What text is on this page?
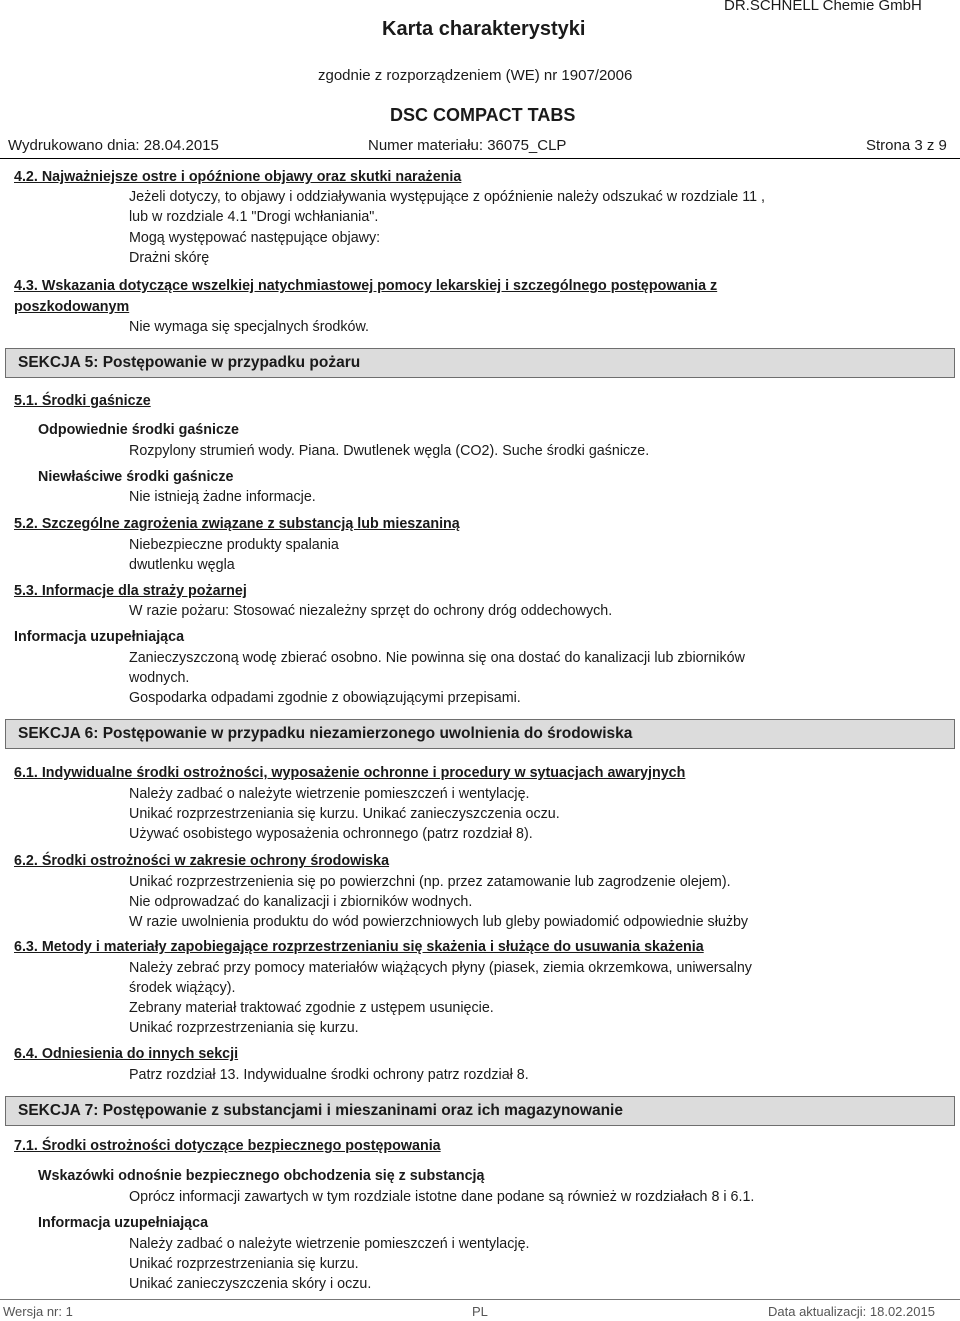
Karta charakterystyki
DR.SCHNELL Chemie GmbH
zgodnie z rozporządzeniem (WE) nr 1907/2006
DSC COMPACT TABS
Wydrukowano dnia: 28.04.2015	Numer materiału: 36075_CLP	Strona 3 z 9
4.2. Najważniejsze ostre i opóźnione objawy oraz skutki narażenia
Jeżeli dotyczy, to objawy i oddziaływania występujące z opóźnienie należy odszukać w rozdziale 11 ,
lub w rozdziale 4.1 "Drogi wchłaniania".
Mogą występować następujące objawy:
Drażni skórę
4.3. Wskazania dotyczące wszelkiej natychmiastowej pomocy lekarskiej i szczególnego postępowania z
poszkodowanym
Nie wymaga się specjalnych środków.
SEKCJA 5: Postępowanie w przypadku pożaru
5.1. Środki gaśnicze
Odpowiednie środki gaśnicze
Rozpylony strumień wody. Piana. Dwutlenek węgla (CO2). Suche środki gaśnicze.
Niewłaściwe środki gaśnicze
Nie istnieją żadne informacje.
5.2. Szczególne zagrożenia związane z substancją lub mieszaniną
Niebezpieczne produkty spalania
dwutlenku węgla
5.3. Informacje dla straży pożarnej
W razie pożaru: Stosować niezależny sprzęt do ochrony dróg oddechowych.
Informacja uzupełniająca
Zanieczyszczoną wodę zbierać osobno. Nie powinna się ona dostać do kanalizacji lub zbiorników
wodnych.
Gospodarka odpadami zgodnie z obowiązującymi przepisami.
SEKCJA 6: Postępowanie w przypadku niezamierzonego uwolnienia do środowiska
6.1. Indywidualne środki ostrożności, wyposażenie ochronne i procedury w sytuacjach awaryjnych
Należy zadbać o należyte wietrzenie pomieszczeń i wentylację.
Unikać rozprzestrzeniania się kurzu. Unikać zanieczyszczenia oczu.
Używać osobistego wyposażenia ochronnego (patrz rozdział 8).
6.2. Środki ostrożności w zakresie ochrony środowiska
Unikać rozprzestrzenienia się po powierzchni (np. przez zatamowanie lub zagrodzenie olejem).
Nie odprowadzać do kanalizacji i zbiorników wodnych.
W razie uwolnienia produktu do wód powierzchniowych lub gleby powiadomić odpowiednie służby
6.3. Metody i materiały zapobiegające rozprzestrzenianiu się skażenia i służące do usuwania skażenia
Należy zebrać przy pomocy materiałów wiążących płyny (piasek, ziemia okrzemkowa, uniwersalny
środek wiążący).
Zebrany materiał traktować zgodnie z ustępem usunięcie.
Unikać rozprzestrzeniania się kurzu.
6.4. Odniesienia do innych sekcji
Patrz rozdział 13. Indywidualne środki ochrony patrz rozdział 8.
SEKCJA 7: Postępowanie z substancjami i mieszaninami oraz ich magazynowanie
7.1. Środki ostrożności dotyczące bezpiecznego postępowania
Wskazówki odnośnie bezpiecznego obchodzenia się z substancją
Oprócz informacji zawartych w tym rozdziale istotne dane podane są również w rozdziałach 8 i 6.1.
Informacja uzupełniająca
Należy zadbać o należyte wietrzenie pomieszczeń i wentylację.
Unikać rozprzestrzeniania się kurzu.
Unikać zanieczyszczenia skóry i oczu.
Wersja nr: 1	PL	Data aktualizacji: 18.02.2015
